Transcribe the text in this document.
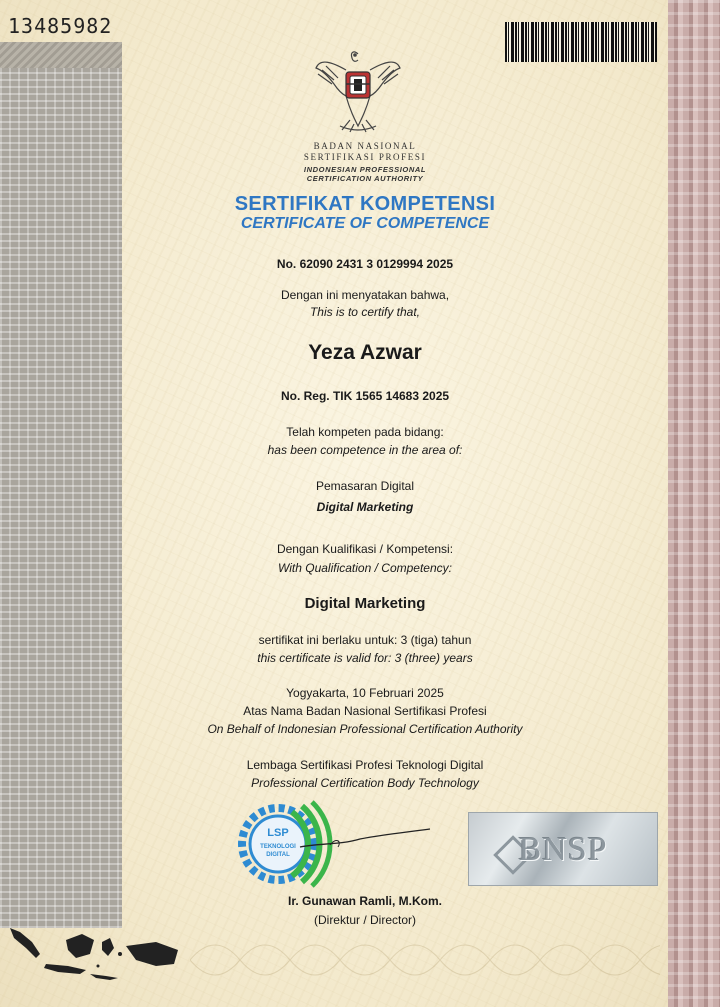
13485982
BADAN NASIONAL
SERTIFIKASI PROFESI
INDONESIAN PROFESSIONAL
CERTIFICATION AUTHORITY
SERTIFIKAT KOMPETENSI
CERTIFICATE OF COMPETENCE
No. 62090 2431 3 0129994 2025
Dengan ini menyatakan bahwa,
This is to certify that,
Yeza Azwar
No. Reg. TIK 1565 14683 2025
Telah kompeten pada bidang:
has been competence in the area of:
Pemasaran Digital
Digital Marketing
Dengan Kualifikasi / Kompetensi:
With Qualification / Competency:
Digital Marketing
sertifikat ini berlaku untuk: 3 (tiga) tahun
this certificate is valid for: 3 (three) years
Yogyakarta, 10 Februari 2025
Atas Nama Badan Nasional Sertifikasi Profesi
On Behalf of Indonesian Professional Certification Authority
Lembaga Sertifikasi Profesi Teknologi Digital
Professional Certification Body Technology
LSP
TEKNOLOGI
DIGITAL	BNSP
Ir. Gunawan Ramli, M.Kom.
(Direktur / Director)
